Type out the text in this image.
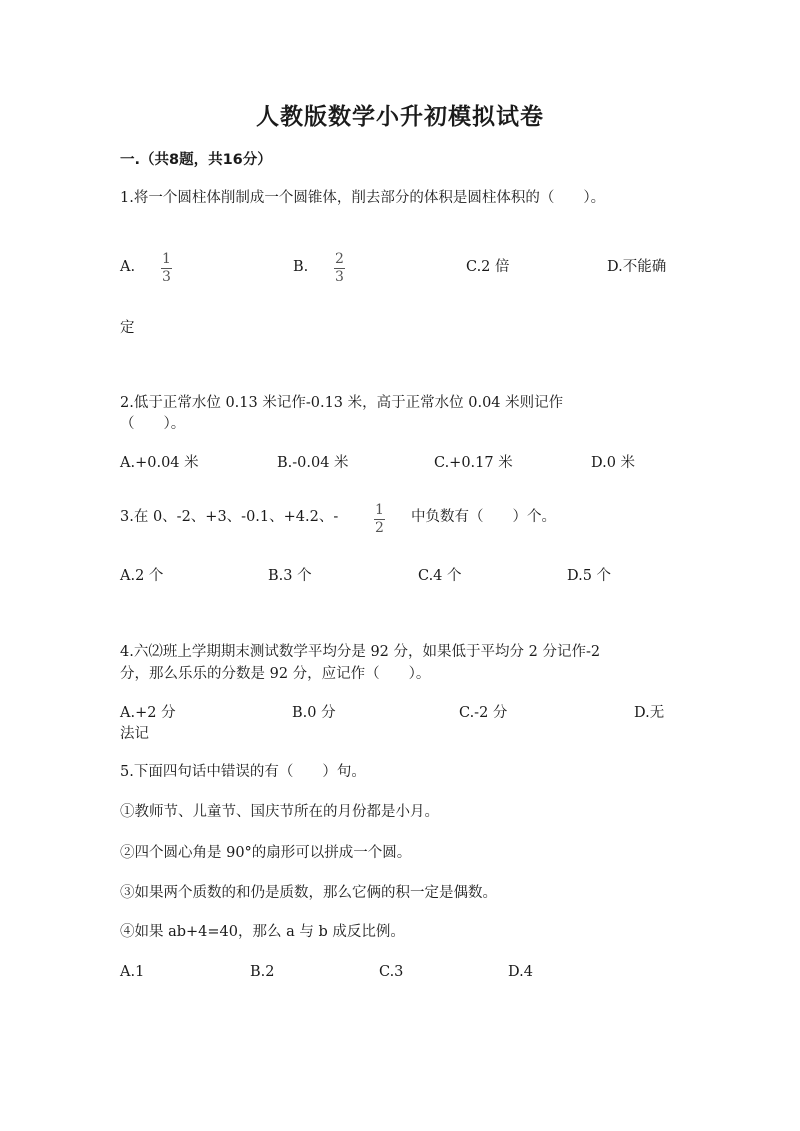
人教版数学小升初模拟试卷
一.（共8题，共16分）
1.将一个圆柱体削制成一个圆锥体，削去部分的体积是圆柱体积的（　　）。
A. 1
3
B. 2
3
C.2 倍	D.不能确
定
2.低于正常水位 0.13 米记作-0.13 米，高于正常水位 0.04 米则记作
（　　）。
A.+0.04 米	B.-0.04 米	C.+0.17 米	D.0 米
3.在 0、-2、+3、-0.1、+4.2、-	1
2
中负数有（　　）个。
A.2 个	B.3 个	C.4 个	D.5 个
4.六⑵班上学期期末测试数学平均分是 92 分，如果低于平均分 2 分记作-2
分，那么乐乐的分数是 92 分，应记作（　　）。
A.+2 分	B.0 分	C.-2 分	D.无
法记
5.下面四句话中错误的有（　　）句。
①教师节、儿童节、国庆节所在的月份都是小月。
②四个圆心角是 90°的扇形可以拼成一个圆。
③如果两个质数的和仍是质数，那么它俩的积一定是偶数。
④如果 ab+4=40，那么 a 与 b 成反比例。
A.1	B.2	C.3	D.4
